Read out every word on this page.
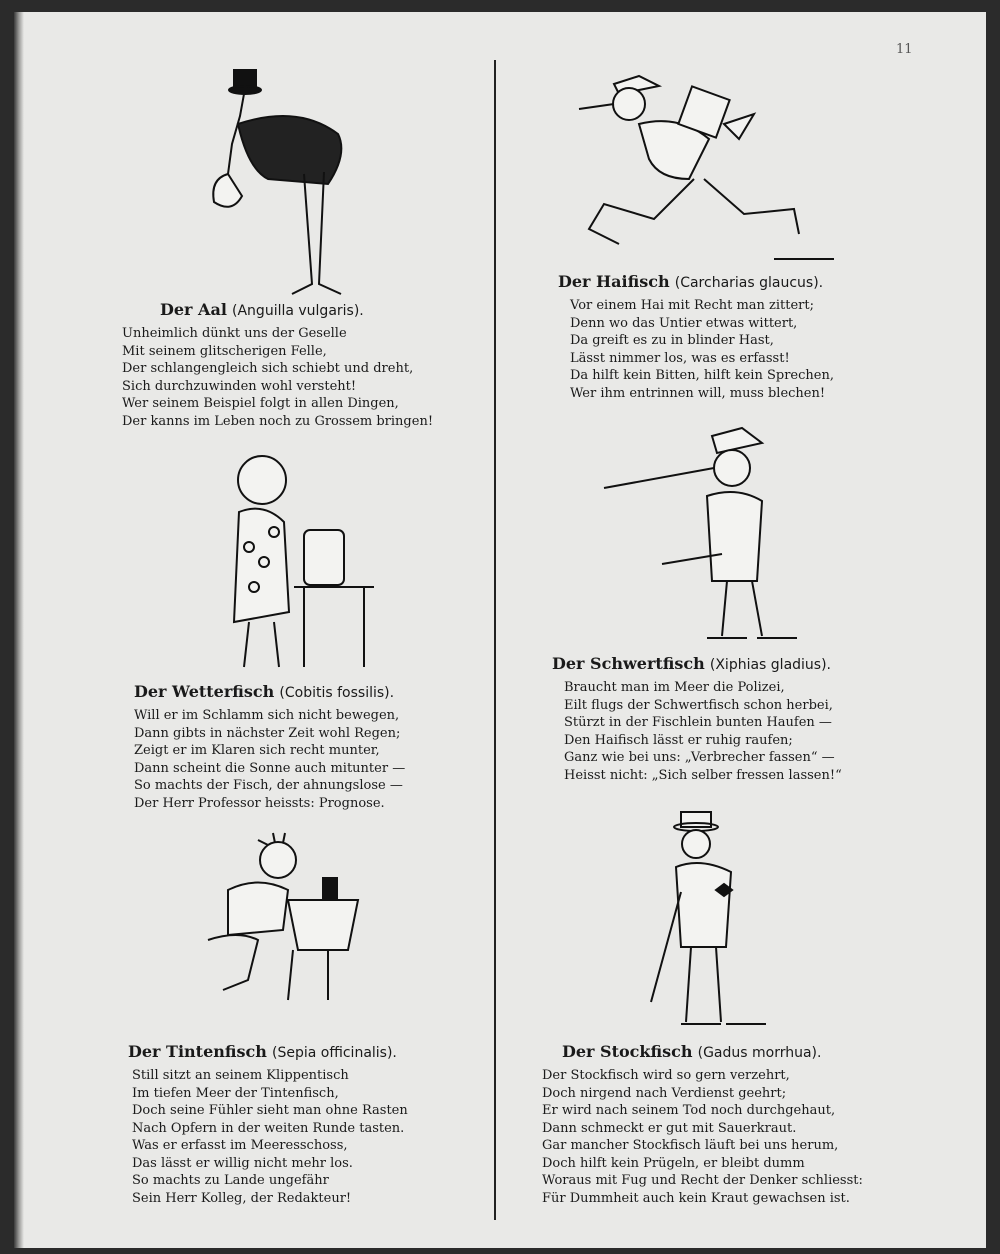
11
Der Aal (Anguilla vulgaris).
Unheimlich dünkt uns der Geselle
Mit seinem glitscherigen Felle,
Der schlangengleich sich schiebt und dreht,
Sich durchzuwinden wohl versteht!
Wer seinem Beispiel folgt in allen Dingen,
Der kanns im Leben noch zu Grossem bringen!
Der Haifisch (Carcharias glaucus).
Vor einem Hai mit Recht man zittert;
Denn wo das Untier etwas wittert,
Da greift es zu in blinder Hast,
Lässt nimmer los, was es erfasst!
Da hilft kein Bitten, hilft kein Sprechen,
Wer ihm entrinnen will, muss blechen!
Der Wetterfisch (Cobitis fossilis).
Will er im Schlamm sich nicht bewegen,
Dann gibts in nächster Zeit wohl Regen;
Zeigt er im Klaren sich recht munter,
Dann scheint die Sonne auch mitunter —
So machts der Fisch, der ahnungslose —
Der Herr Professor heissts: Prognose.
Der Schwertfisch (Xiphias gladius).
Braucht man im Meer die Polizei,
Eilt flugs der Schwertfisch schon herbei,
Stürzt in der Fischlein bunten Haufen —
Den Haifisch lässt er ruhig raufen;
Ganz wie bei uns: „Verbrecher fassen“ —
Heisst nicht: „Sich selber fressen lassen!“
Der Tintenfisch (Sepia officinalis).
Still sitzt an seinem Klippentisch
Im tiefen Meer der Tintenfisch,
Doch seine Fühler sieht man ohne Rasten
Nach Opfern in der weiten Runde tasten.
Was er erfasst im Meeresschoss,
Das lässt er willig nicht mehr los.
So machts zu Lande ungefähr
Sein Herr Kolleg, der Redakteur!
Der Stockfisch (Gadus morrhua).
Der Stockfisch wird so gern verzehrt,
Doch nirgend nach Verdienst geehrt;
Er wird nach seinem Tod noch durchgehaut,
Dann schmeckt er gut mit Sauerkraut.
Gar mancher Stockfisch läuft bei uns herum,
Doch hilft kein Prügeln, er bleibt dumm
Woraus mit Fug und Recht der Denker schliesst:
Für Dummheit auch kein Kraut gewachsen ist.
